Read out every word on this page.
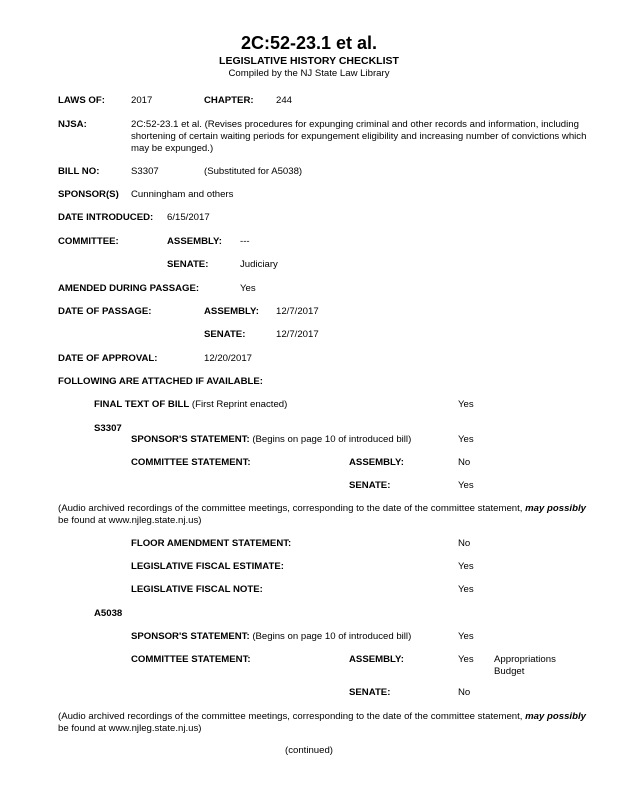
2C:52-23.1 et al.
LEGISLATIVE HISTORY CHECKLIST
Compiled by the NJ State Law Library
LAWS OF:	2017	CHAPTER: 244
NJSA:	2C:52-23.1 et al. (Revises procedures for expunging criminal and other records and information, including
shortening of certain waiting periods for expungement eligibility and increasing number of convictions which
may be expunged.)
BILL NO:	S3307	(Substituted for A5038)
SPONSOR(S) Cunningham and others
DATE INTRODUCED: 6/15/2017
COMMITTEE:	ASSEMBLY: ---
SENATE:	Judiciary
AMENDED DURING PASSAGE:	Yes
DATE OF PASSAGE:	ASSEMBLY: 12/7/2017
SENATE:	12/7/2017
DATE OF APPROVAL:	12/20/2017
FOLLOWING ARE ATTACHED IF AVAILABLE:
FINAL TEXT OF BILL (First Reprint enacted)	Yes
S3307
SPONSOR'S STATEMENT: (Begins on page 10 of introduced bill)	Yes
COMMITTEE STATEMENT:	ASSEMBLY:	No
SENATE:	Yes
(Audio archived recordings of the committee meetings, corresponding to the date of the committee statement, may possibly
be found at www.njleg.state.nj.us)
FLOOR AMENDMENT STATEMENT:	No
LEGISLATIVE FISCAL ESTIMATE:	Yes
LEGISLATIVE FISCAL NOTE:	Yes
A5038
SPONSOR'S STATEMENT: (Begins on page 10 of introduced bill)	Yes
COMMITTEE STATEMENT:	ASSEMBLY:	Yes Appropriations
Budget
SENATE:	No
(Audio archived recordings of the committee meetings, corresponding to the date of the committee statement, may possibly
be found at www.njleg.state.nj.us)
(continued)
